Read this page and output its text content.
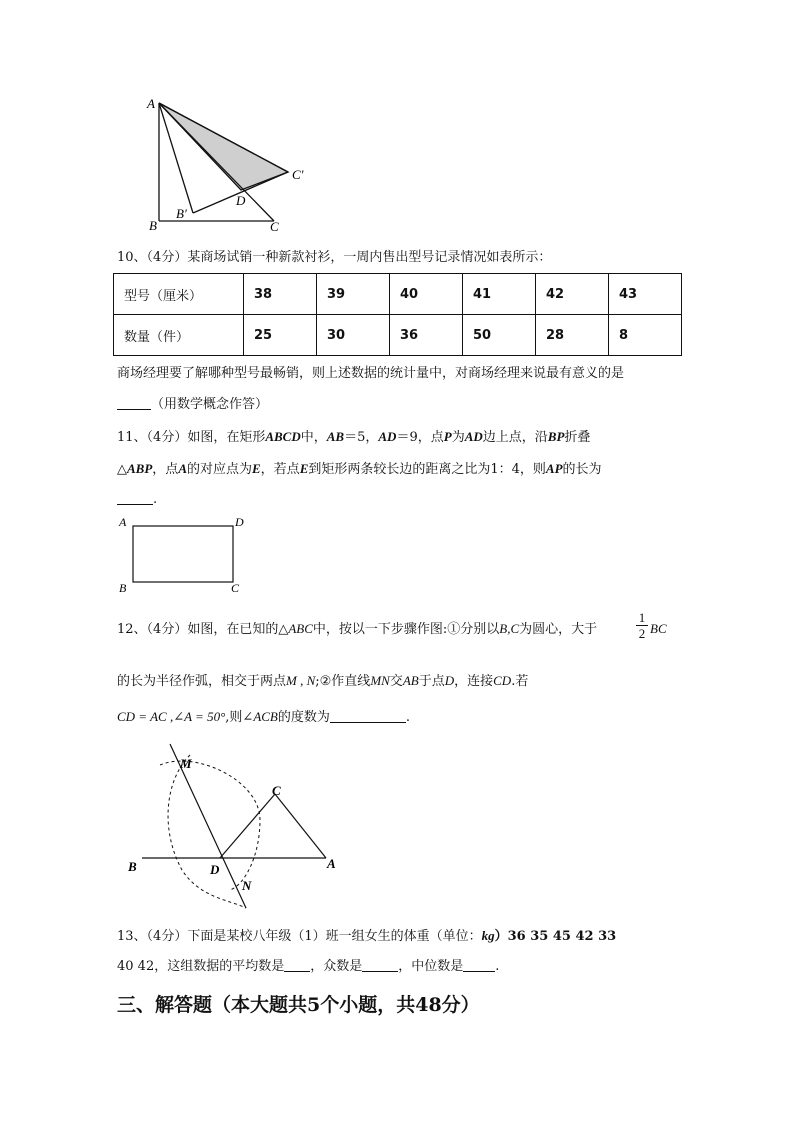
A
B
B′
D
C
C′
10、（4分）某商场试销一种新款衬衫，一周内售出型号记录情况如表所示：
型号（厘米）	38	39	40	41	42	43
数量（件）	25	30	36	50	28	8
商场经理要了解哪种型号最畅销，则上述数据的统计量中，对商场经理来说最有意义的是
（用数学概念作答）
11、（4分）如图，在矩形ABCD中，AB＝5，AD＝9，点P为AD边上点，沿BP折叠
△ABP，点A的对应点为E，若点E到矩形两条较长边的距离之比为1：4，则AP的长为
.
A	D
B	C
12、（4分）如图，在已知的△ABC中，按以一下步骤作图:①分别以B,C为圆心，大于
1
2 BC
的长为半径作弧，相交于两点M , N;②作直线MN交AB于点D，连接CD.若
CD = AC ,∠A = 50°,则∠ACB的度数为	.
M
C
B	D
N
A
13、（4分）下面是某校八年级（1）班一组女生的体重（单位：kg）36 35 45 42 33
40 42，这组数据的平均数是 ，众数是	，中位数是 .
三、解答题（本大题共5个小题，共48分）
